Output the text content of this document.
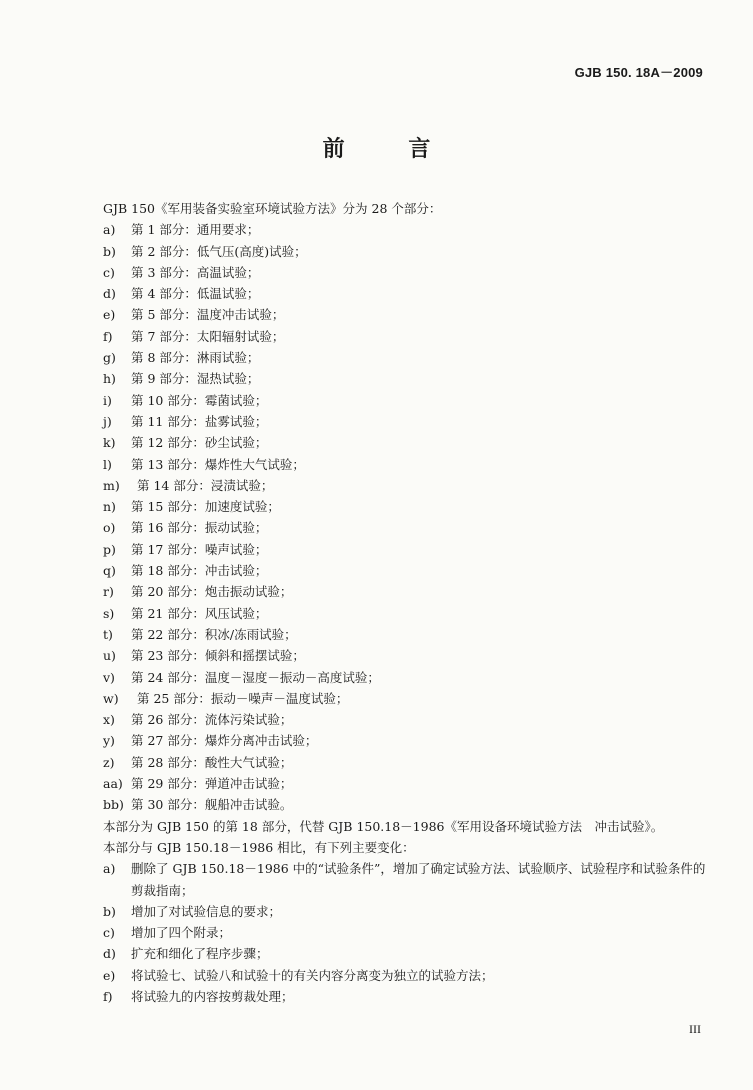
GJB 150. 18A－2009
前 言
GJB 150《军用装备实验室环境试验方法》分为 28 个部分：
a)	第 1 部分：通用要求；
b)	第 2 部分：低气压(高度)试验；
c)	第 3 部分：高温试验；
d)	第 4 部分：低温试验；
e)	第 5 部分：温度冲击试验；
f)	第 7 部分：太阳辐射试验；
g)	第 8 部分：淋雨试验；
h)	第 9 部分：湿热试验；
i)	第 10 部分：霉菌试验；
j)	第 11 部分：盐雾试验；
k)	第 12 部分：砂尘试验；
l)	第 13 部分：爆炸性大气试验；
m)	第 14 部分：浸渍试验；
n)	第 15 部分：加速度试验；
o)	第 16 部分：振动试验；
p)	第 17 部分：噪声试验；
q)	第 18 部分：冲击试验；
r)	第 20 部分：炮击振动试验；
s)	第 21 部分：风压试验；
t)	第 22 部分：积冰/冻雨试验；
u)	第 23 部分：倾斜和摇摆试验；
v)	第 24 部分：温度－湿度－振动－高度试验；
w)	第 25 部分：振动－噪声－温度试验；
x)	第 26 部分：流体污染试验；
y)	第 27 部分：爆炸分离冲击试验；
z)	第 28 部分：酸性大气试验；
aa) 第 29 部分：弹道冲击试验；
bb) 第 30 部分：舰船冲击试验。
本部分为 GJB 150 的第 18 部分，代替 GJB 150.18－1986《军用设备环境试验方法　冲击试验》。
本部分与 GJB 150.18－1986 相比，有下列主要变化：
a)	删除了 GJB 150.18－1986 中的“试验条件”，增加了确定试验方法、试验顺序、试验程序和试验条件的剪裁指南；
b)	增加了对试验信息的要求；
c)	增加了四个附录；
d)	扩充和细化了程序步骤；
e)	将试验七、试验八和试验十的有关内容分离变为独立的试验方法；
f)	将试验九的内容按剪裁处理；
III
